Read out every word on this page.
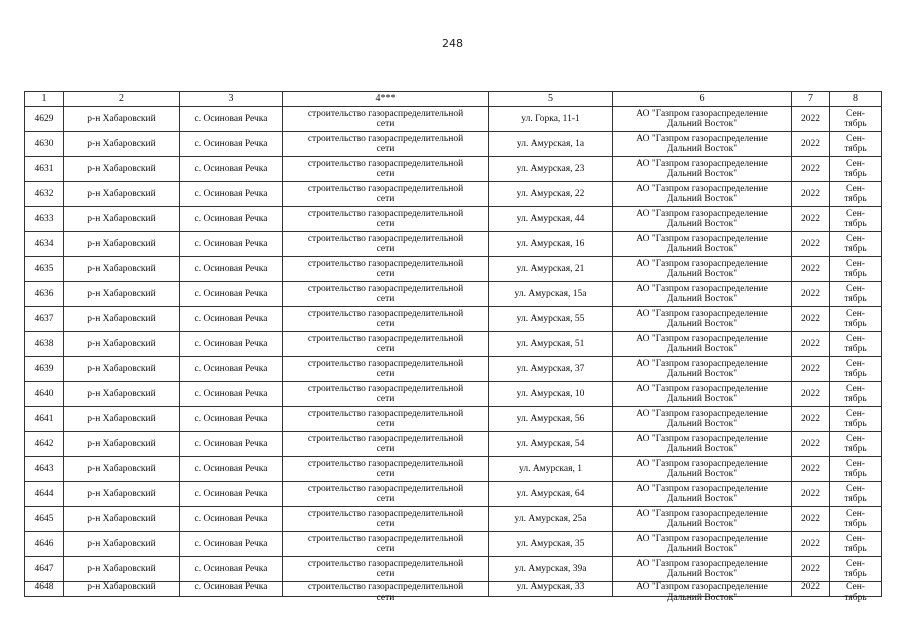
248
1	2	3	4***	5	6	7	8

4629	р-н Хабаровский	с. Осиновая Речка	строительство газораспределительной
сети	ул. Горка, 11-1	АО "Газпром газораспределение
Дальний Восток"	2022	Сен-
тябрь

4630	р-н Хабаровский	с. Осиновая Речка	строительство газораспределительной
сети	ул. Амурская, 1а	АО "Газпром газораспределение
Дальний Восток"	2022	Сен-
тябрь

4631	р-н Хабаровский	с. Осиновая Речка	строительство газораспределительной
сети	ул. Амурская, 23	АО "Газпром газораспределение
Дальний Восток"	2022	Сен-
тябрь

4632	р-н Хабаровский	с. Осиновая Речка	строительство газораспределительной
сети	ул. Амурская, 22	АО "Газпром газораспределение
Дальний Восток"	2022	Сен-
тябрь

4633	р-н Хабаровский	с. Осиновая Речка	строительство газораспределительной
сети	ул. Амурская, 44	АО "Газпром газораспределение
Дальний Восток"	2022	Сен-
тябрь

4634	р-н Хабаровский	с. Осиновая Речка	строительство газораспределительной
сети	ул. Амурская, 16	АО "Газпром газораспределение
Дальний Восток"	2022	Сен-
тябрь

4635	р-н Хабаровский	с. Осиновая Речка	строительство газораспределительной
сети	ул. Амурская, 21	АО "Газпром газораспределение
Дальний Восток"	2022	Сен-
тябрь

4636	р-н Хабаровский	с. Осиновая Речка	строительство газораспределительной
сети	ул. Амурская, 15а	АО "Газпром газораспределение
Дальний Восток"	2022	Сен-
тябрь

4637	р-н Хабаровский	с. Осиновая Речка	строительство газораспределительной
сети	ул. Амурская, 55	АО "Газпром газораспределение
Дальний Восток"	2022	Сен-
тябрь

4638	р-н Хабаровский	с. Осиновая Речка	строительство газораспределительной
сети	ул. Амурская, 51	АО "Газпром газораспределение
Дальний Восток"	2022	Сен-
тябрь

4639	р-н Хабаровский	с. Осиновая Речка	строительство газораспределительной
сети	ул. Амурская, 37	АО "Газпром газораспределение
Дальний Восток"	2022	Сен-
тябрь

4640	р-н Хабаровский	с. Осиновая Речка	строительство газораспределительной
сети	ул. Амурская, 10	АО "Газпром газораспределение
Дальний Восток"	2022	Сен-
тябрь

4641	р-н Хабаровский	с. Осиновая Речка	строительство газораспределительной
сети	ул. Амурская, 56	АО "Газпром газораспределение
Дальний Восток"	2022	Сен-
тябрь

4642	р-н Хабаровский	с. Осиновая Речка	строительство газораспределительной
сети	ул. Амурская, 54	АО "Газпром газораспределение
Дальний Восток"	2022	Сен-
тябрь

4643	р-н Хабаровский	с. Осиновая Речка	строительство газораспределительной
сети	ул. Амурская, 1	АО "Газпром газораспределение
Дальний Восток"	2022	Сен-
тябрь

4644	р-н Хабаровский	с. Осиновая Речка	строительство газораспределительной
сети	ул. Амурская, 64	АО "Газпром газораспределение
Дальний Восток"	2022	Сен-
тябрь

4645	р-н Хабаровский	с. Осиновая Речка	строительство газораспределительной
сети	ул. Амурская, 25а	АО "Газпром газораспределение
Дальний Восток"	2022	Сен-
тябрь

4646	р-н Хабаровский	с. Осиновая Речка	строительство газораспределительной
сети	ул. Амурская, 35	АО "Газпром газораспределение
Дальний Восток"	2022	Сен-
тябрь

4647	р-н Хабаровский	с. Осиновая Речка	строительство газораспределительной
сети	ул. Амурская, 39а	АО "Газпром газораспределение
Дальний Восток"	2022	Сен-
тябрь

4648	р-н Хабаровский	с. Осиновая Речка	строительство газораспределительной
сети	ул. Амурская, 33	АО "Газпром газораспределение
Дальний Восток"	2022	Сен-
тябрь
